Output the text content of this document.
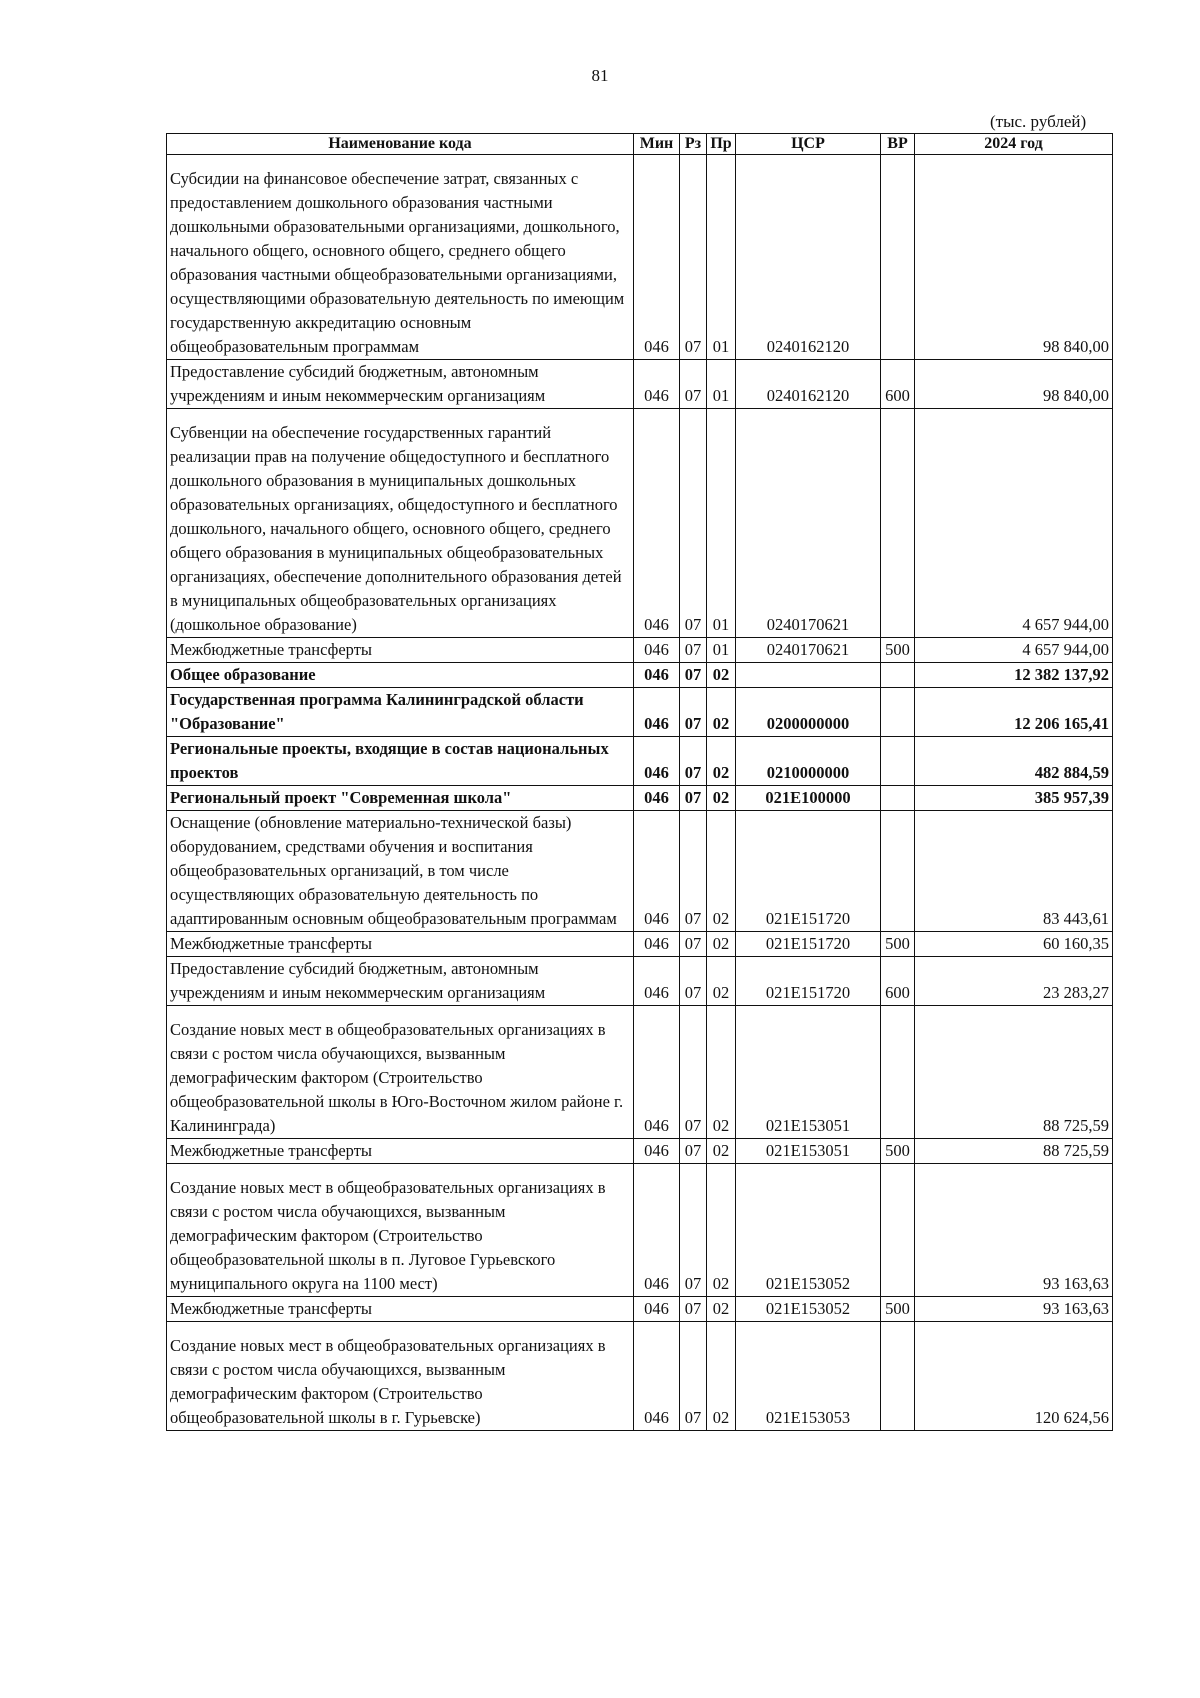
81
(тыс. рублей)
Наименование кода	Мин	Рз	Пр	ЦСР	ВР	2024 год
Субсидии на финансовое обеспечение затрат, связанных с предоставлением дошкольного образования частными дошкольными образовательными организациями, дошкольного, начального общего, основного общего, среднего общего образования частными общеобразовательными организациями, осуществляющими образовательную деятельность по имеющим государственную аккредитацию основным общеобразовательным программам	046	07	01	0240162120		98 840,00
Предоставление субсидий бюджетным, автономным учреждениям и иным некоммерческим организациям	046	07	01	0240162120	600	98 840,00
Субвенции на обеспечение государственных гарантий реализации прав на получение общедоступного и бесплатного дошкольного образования в муниципальных дошкольных образовательных организациях, общедоступного и бесплатного дошкольного, начального общего, основного общего, среднего общего образования в муниципальных общеобразовательных организациях, обеспечение дополнительного образования детей в муниципальных общеобразовательных организациях (дошкольное образование)	046	07	01	0240170621		4 657 944,00
Межбюджетные трансферты	046	07	01	0240170621	500	4 657 944,00
Общее образование	046	07	02			12 382 137,92
Государственная программа Калининградской области "Образование"	046	07	02	0200000000		12 206 165,41
Региональные проекты, входящие в состав национальных проектов	046	07	02	0210000000		482 884,59
Региональный проект "Современная школа"	046	07	02	021E100000		385 957,39
Оснащение (обновление материально-технической базы) оборудованием, средствами обучения и воспитания общеобразовательных организаций, в том числе осуществляющих образовательную деятельность по адаптированным основным общеобразовательным программам	046	07	02	021E151720		83 443,61
Межбюджетные трансферты	046	07	02	021E151720	500	60 160,35
Предоставление субсидий бюджетным, автономным учреждениям и иным некоммерческим организациям	046	07	02	021E151720	600	23 283,27
Создание новых мест в общеобразовательных организациях в связи с ростом числа обучающихся, вызванным демографическим фактором (Строительство общеобразовательной школы в Юго-Восточном жилом районе г. Калининграда)	046	07	02	021E153051		88 725,59
Межбюджетные трансферты	046	07	02	021E153051	500	88 725,59
Создание новых мест в общеобразовательных организациях в связи с ростом числа обучающихся, вызванным демографическим фактором (Строительство общеобразовательной школы в п. Луговое Гурьевского муниципального округа на 1100 мест)	046	07	02	021E153052		93 163,63
Межбюджетные трансферты	046	07	02	021E153052	500	93 163,63
Создание новых мест в общеобразовательных организациях в связи с ростом числа обучающихся, вызванным демографическим фактором (Строительство общеобразовательной школы в г. Гурьевске)	046	07	02	021E153053		120 624,56
